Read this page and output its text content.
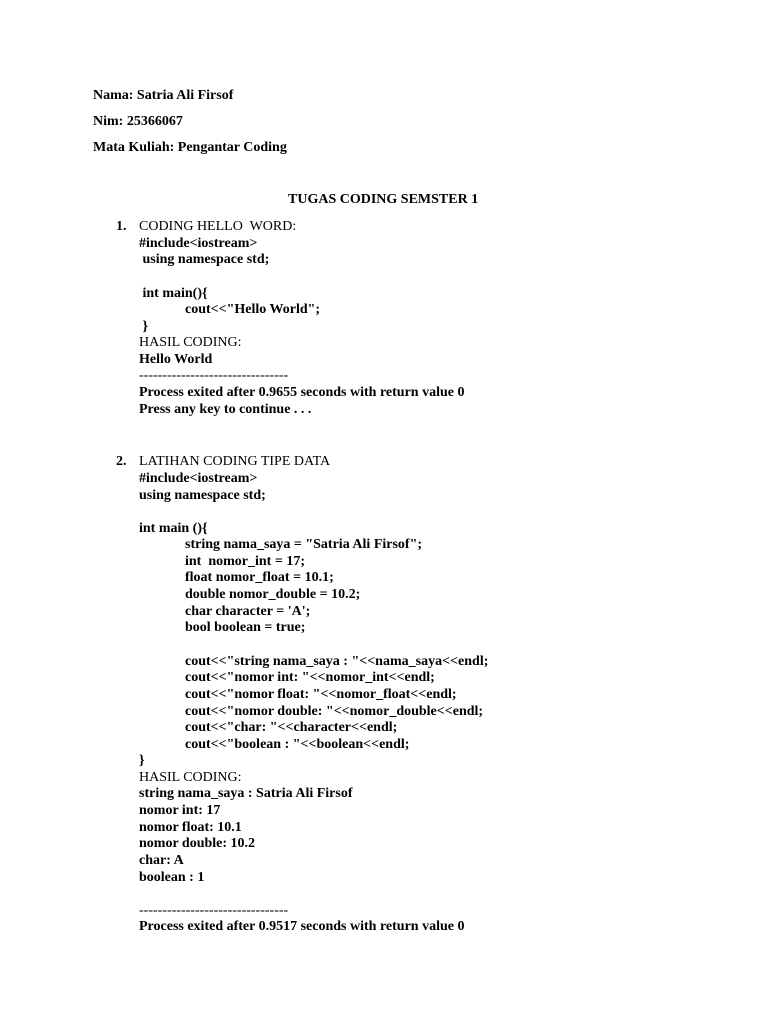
Nama: Satria Ali Firsof
Nim: 25366067
Mata Kuliah: Pengantar Coding
TUGAS CODING SEMSTER 1
1. CODING HELLO  WORD:
#include<iostream>
using namespace std;
int main(){
cout<<"Hello World";
}
HASIL CODING:
Hello World
--------------------------------
Process exited after 0.9655 seconds with return value 0
Press any key to continue . . .
2. LATIHAN CODING TIPE DATA
#include<iostream>
using namespace std;
int main (){
string nama_saya = "Satria Ali Firsof";
int  nomor_int = 17;
float nomor_float = 10.1;
double nomor_double = 10.2;
char character = 'A';
bool boolean = true;
cout<<"string nama_saya : "<<nama_saya<<endl;
cout<<"nomor int: "<<nomor_int<<endl;
cout<<"nomor float: "<<nomor_float<<endl;
cout<<"nomor double: "<<nomor_double<<endl;
cout<<"char: "<<character<<endl;
cout<<"boolean : "<<boolean<<endl;
}
HASIL CODING:
string nama_saya : Satria Ali Firsof
nomor int: 17
nomor float: 10.1
nomor double: 10.2
char: A
boolean : 1
--------------------------------
Process exited after 0.9517 seconds with return value 0
